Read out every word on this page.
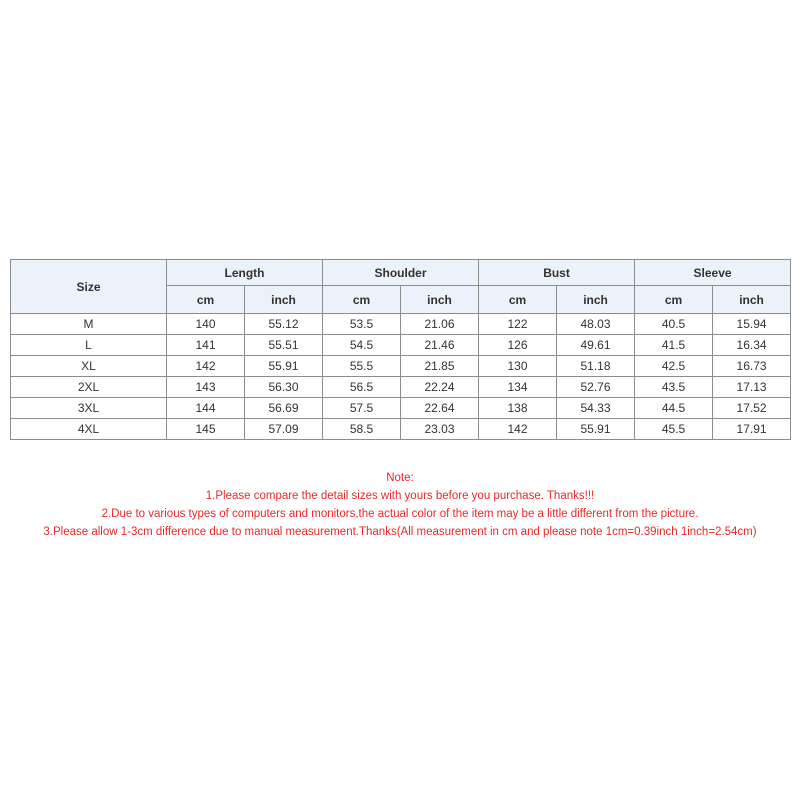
Size	Length		Shoulder		Bust		Sleeve	
	cm	inch	cm	inch	cm	inch	cm	inch
M	140	55.12	53.5	21.06	122	48.03	40.5	15.94
L	141	55.51	54.5	21.46	126	49.61	41.5	16.34
XL	142	55.91	55.5	21.85	130	51.18	42.5	16.73
2XL	143	56.30	56.5	22.24	134	52.76	43.5	17.13
3XL	144	56.69	57.5	22.64	138	54.33	44.5	17.52
4XL	145	57.09	58.5	23.03	142	55.91	45.5	17.91
Note:
1.Please compare the detail sizes with yours before you purchase. Thanks!!!
2.Due to various types of computers and monitors,the actual color of the item may be a little different from the picture.
3.Please allow 1-3cm difference due to manual measurement.Thanks(All measurement in cm and please note 1cm=0.39inch 1inch=2.54cm)
